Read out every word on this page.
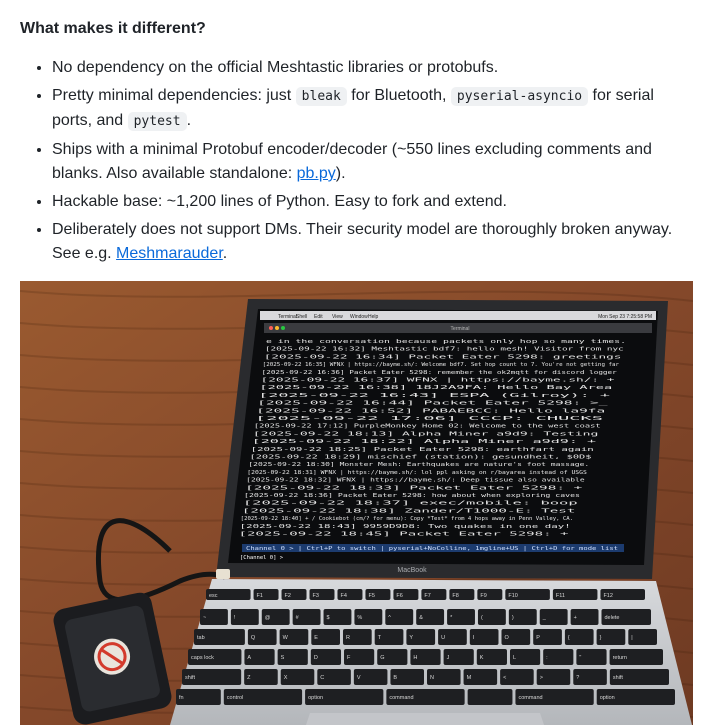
What makes it different?
• No dependency on the official Meshtastic libraries or protobufs.
• Pretty minimal dependencies: just bleak for Bluetooth, pyserial-asyncio for serial ports, and pytest .
• Ships with a minimal Protobuf encoder/decoder (~550 lines excluding comments and blanks. Also available standalone: pb.py).
• Hackable base: ~1,200 lines of Python. Easy to fork and extend.
• Deliberately does not support DMs. Their security model are thoroughly broken anyway. See e.g. Meshmarauder.
MacBook
Terminal Shell Edit View Window Help	Mon Sep 23 7:25:58 PM
Terminal
e in the conversation because packets only hop so many times.
[2025-09-22 16:32] Meshtastic bdf7: hello mesh! Visitor from nyc
[2025-09-22 16:34] Packet Eater 5298: greetings
[2025-09-22 16:35] WFNX | https://bayme.sh/: Welcome bdf7. Set hop count to 7. You're not getting far
[2025-09-22 16:36] Packet Eater 5298: remember the ok2mqtt for discord logger
[2025-09-22 16:37] WFNX | https://bayme.sh/: +
[2025-09-22 16:38] 18J2A9FA: Hello Bay Area
[2025-09-22 16:43] ESPA (Gilroy): +
[2025-09-22 16:44] Packet Eater 5298: >_
[2025-09-22 16:52] PABAEBCC: Hello la9fa
[2025-09-22 17:06] CCCP: CHUCKS
[2025-09-22 17:12] PurpleMonkey Home 02: Welcome to the west coast
[2025-09-22 18:13] Alpha Miner a9d9: Testing
[2025-09-22 18:22] Alpha Miner a9d9: +
[2025-09-22 18:25] Packet Eater 5298: earthfart again
[2025-09-22 18:29] mischief (station): gesundheit, $0D$
[2025-09-22 18:30] Monster Mesh: Earthquakes are nature's foot massage.
[2025-09-22 18:31] WFNX | https://bayme.sh/: lol ppl asking on r/bayarea instead of USGS
[2025-09-22 18:32] WFNX | https://bayme.sh/: Deep tissue also available
[2025-09-22 18:33] Packet Eater 5298: +
[2025-09-22 18:36] Packet Eater 5298: how about when exploring caves
[2025-09-22 18:37] exec/mobile: boop
[2025-09-22 18:38] Zander/T1000-E: Test
[2025-09-22 18:40] + / Cookiebot (cm/? for menu): Copy *Test* from 4 hops away in Penn Valley, CA.
[2025-09-22 18:43] 9959D9D8: Two quakes in one day!
[2025-09-22 18:45] Packet Eater 5298: +
Channel 0 > | Ctrl+P to switch | pyserial+NoColline, 1mgline+US | Ctrl+D for mode list
[Channel 0] >
esc	F1	F2	F3	F4	F5	F6	F7	F8	F9	F10	F11	F12
~	!	@	#	$	%	^	&	*	(	)	_	+	delete
tab	Q	W	E	R	T	Y	U	I	O	P	{	}	|
caps lock	A	S	D	F	G	H	J	K	L	:	"	return
shift	Z	X	C	V	B	N	M	<	>	?	shift
fn	control	option	command	command	option
